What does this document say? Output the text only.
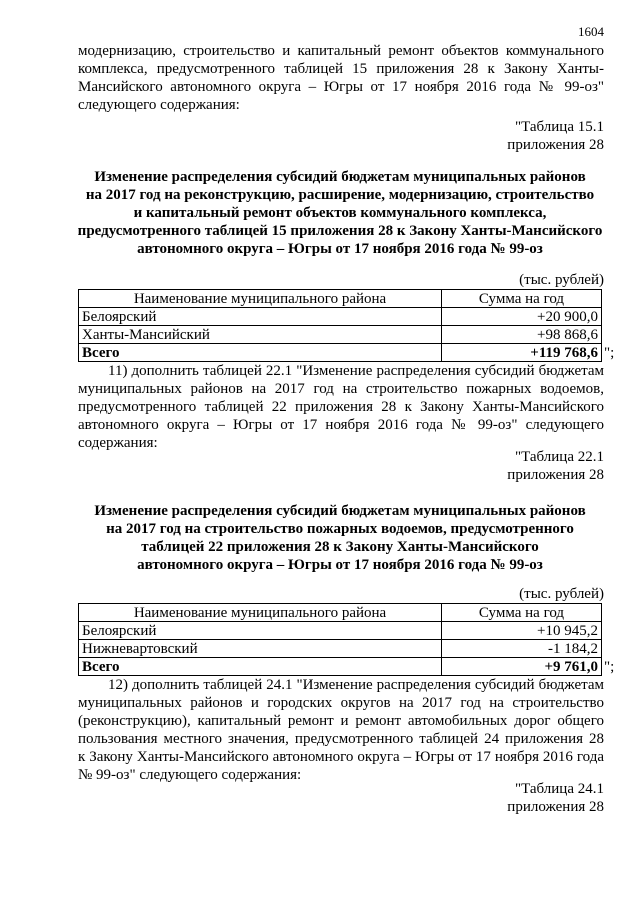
1604
модернизацию, строительство и капитальный ремонт объектов коммунального
комплекса, предусмотренного таблицей 15 приложения 28 к Закону Ханты-
Мансийского автономного округа – Югры от 17 ноября 2016 года № 99-оз"
следующего содержания:
"Таблица 15.1
приложения 28
Изменение распределения субсидий бюджетам муниципальных районов
на 2017 год на реконструкцию, расширение, модернизацию, строительство
и капитальный ремонт объектов коммунального комплекса,
предусмотренного таблицей 15 приложения 28 к Закону Ханты-Мансийского
автономного округа – Югры от 17 ноября 2016 года № 99-оз
(тыс. рублей)
Наименование муниципального района	Сумма на год
Белоярский	+20 900,0
Ханты-Мансийский	+98 868,6
Всего	+119 768,6 ";
11) дополнить таблицей 22.1 "Изменение распределения субсидий бюджетам
муниципальных районов на 2017 год на строительство пожарных водоемов,
предусмотренного таблицей 22 приложения 28 к Закону Ханты-Мансийского
автономного округа – Югры от 17 ноября 2016 года № 99-оз" следующего
содержания:
"Таблица 22.1
приложения 28
Изменение распределения субсидий бюджетам муниципальных районов
на 2017 год на строительство пожарных водоемов, предусмотренного
таблицей 22 приложения 28 к Закону Ханты-Мансийского
автономного округа – Югры от 17 ноября 2016 года № 99-оз
(тыс. рублей)
Наименование муниципального района	Сумма на год
Белоярский	+10 945,2
Нижневартовский	-1 184,2
Всего	+9 761,0 ";
12) дополнить таблицей 24.1 "Изменение распределения субсидий бюджетам
муниципальных районов и городских округов на 2017 год на строительство
(реконструкцию), капитальный ремонт и ремонт автомобильных дорог общего
пользования местного значения, предусмотренного таблицей 24 приложения 28
к Закону Ханты-Мансийского автономного округа – Югры от 17 ноября 2016 года
№ 99-оз" следующего содержания:
"Таблица 24.1
приложения 28
